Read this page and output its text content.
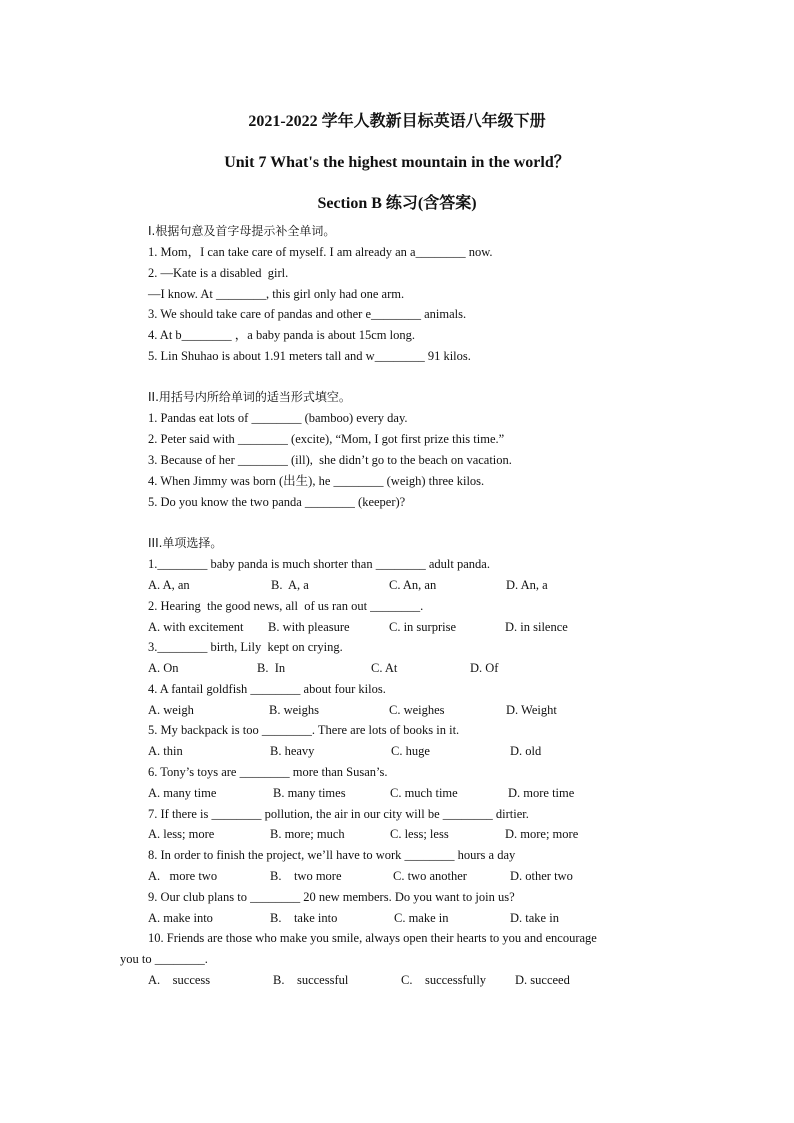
2021-2022 学年人教新目标英语八年级下册
Unit 7 What's the highest mountain in the world？
Section B 练习(含答案)
I.根据句意及首字母提示补全单词。
1. Mom，I can take care of myself. I am already an a________ now.
2. —Kate is a disabled  girl.
—I know. At ________, this girl only had one arm.
3. We should take care of pandas and other e________ animals.
4. At b________ ，a baby panda is about 15cm long.
5. Lin Shuhao is about 1.91 meters tall and w________ 91 kilos.
II.用括号内所给单词的适当形式填空。
1. Pandas eat lots of ________ (bamboo) every day.
2. Peter said with ________ (excite), “Mom, I got first prize this time.”
3. Because of her ________ (ill),  she didn’t go to the beach on vacation.
4. When Jimmy was born (出生), he ________ (weigh) three kilos.
5. Do you know the two panda ________ (keeper)?
III.单项选择。
1.________ baby panda is much shorter than ________ adult panda.
A. A, an	B.  A, a	C. An, an	D. An, a
2. Hearing  the good news, all  of us ran out ________.
A. with excitement B. with pleasure	C. in surprise	D. in silence
3.________ birth, Lily  kept on crying.
A. On	B.  In	C. At	D. Of
4. A fantail goldfish ________ about four kilos.
A. weigh	B. weighs	C. weighes	D. Weight
5. My backpack is too ________. There are lots of books in it.
A. thin	B. heavy	C. huge	D. old
6. Tony’s toys are ________ more than Susan’s.
A. many time	B. many times	C. much time	D. more time
7. If there is ________ pollution, the air in our city will be ________ dirtier.
A. less; more	B. more; much	C. less; less	D. more; more
8. In order to finish the project, we’ll have to work ________ hours a day
A.   more two	B.    two more	C. two another	D. other two
9. Our club plans to ________ 20 new members. Do you want to join us?
A. make into	B.    take into	C. make in	D. take in
10. Friends are those who make you smile, always open their hearts to you and encourage
you to ________.
A.    success	B.    successful	C.    successfully D. succeed
